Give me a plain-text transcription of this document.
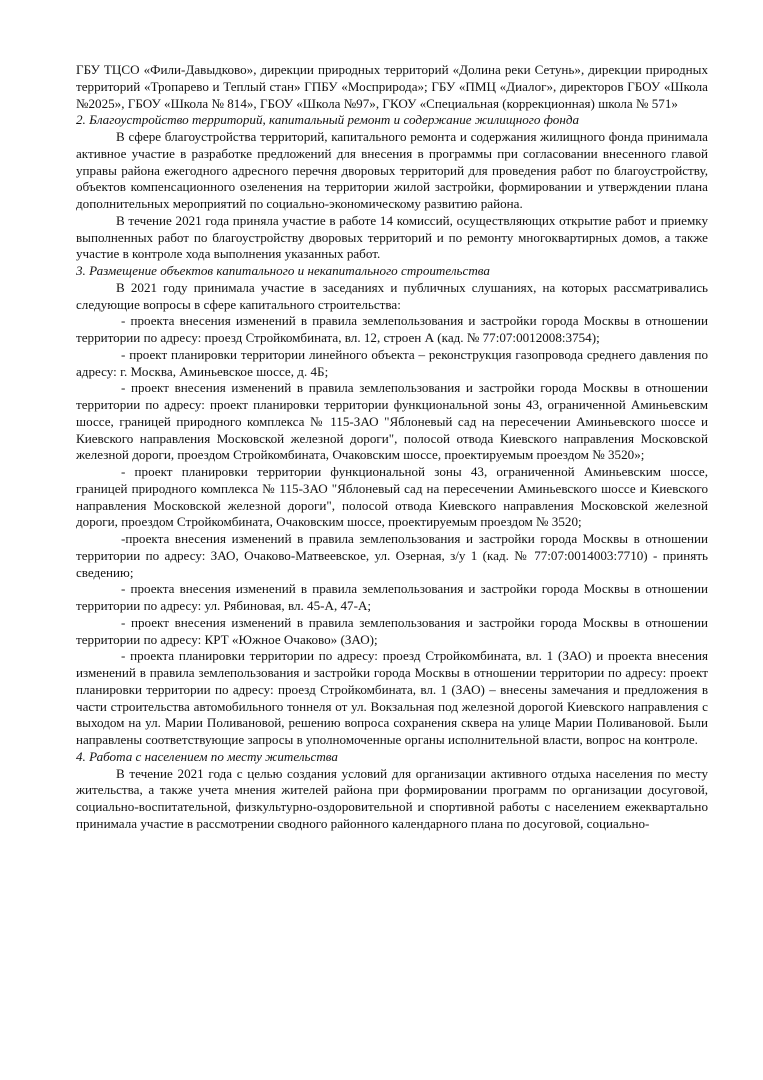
ГБУ ТЦСО «Фили-Давыдково», дирекции природных территорий «Долина реки Сетунь», дирекции природных территорий «Тропарево и Теплый стан» ГПБУ «Мосприрода»; ГБУ «ПМЦ «Диалог», директоров ГБОУ «Школа №2025», ГБОУ «Школа № 814», ГБОУ «Школа №97», ГКОУ «Специальная (коррекционная) школа № 571»

2. Благоустройство территорий, капитальный ремонт и содержание жилищного фонда

В сфере благоустройства территорий, капитального ремонта и содержания жилищного фонда принимала активное участие в разработке предложений для внесения в программы при согласовании внесенного главой управы района ежегодного адресного перечня дворовых территорий для проведения работ по благоустройству, объектов компенсационного озеленения на территории жилой застройки, формировании и утверждении плана дополнительных мероприятий по социально-экономическому развитию района.

В течение 2021 года приняла участие в работе 14 комиссий, осуществляющих открытие работ и приемку выполненных работ по благоустройству дворовых территорий и по ремонту многоквартирных домов, а также участие в контроле хода выполнения указанных работ.

3. Размещение объектов капитального и некапитального строительства

В 2021 году принимала участие в заседаниях и публичных слушаниях, на которых рассматривались следующие вопросы в сфере капитального строительства:

- проекта внесения изменений в правила землепользования и застройки города Москвы в отношении территории по адресу: проезд Стройкомбината, вл. 12, строен А (кад. № 77:07:0012008:3754);

- проект планировки территории линейного объекта – реконструкция газопровода среднего давления по адресу: г. Москва, Аминьевское шоссе, д. 4Б;

- проект внесения изменений в правила землепользования и застройки города Москвы в отношении территории по адресу: проект планировки территории функциональной зоны 43, ограниченной Аминьевским шоссе, границей природного комплекса № 115-ЗАО "Яблоневый сад на пересечении Аминьевского шоссе и Киевского направления Московской железной дороги", полосой отвода Киевского направления Московской железной дороги, проездом Стройкомбината, Очаковским шоссе, проектируемым проездом № 3520»;

- проект планировки территории функциональной зоны 43, ограниченной Аминьевским шоссе, границей природного комплекса № 115-ЗАО "Яблоневый сад на пересечении Аминьевского шоссе и Киевского направления Московской железной дороги", полосой отвода Киевского направления Московской железной дороги, проездом Стройкомбината, Очаковским шоссе, проектируемым проездом № 3520;

-проекта внесения изменений в правила землепользования и застройки города Москвы в отношении территории по адресу: ЗАО, Очаково-Матвеевское, ул. Озерная, з/у 1 (кад. № 77:07:0014003:7710) - принять сведению;

- проекта внесения изменений в правила землепользования и застройки города Москвы в отношении территории по адресу: ул. Рябиновая, вл. 45-А, 47-А;

- проект внесения изменений в правила землепользования и застройки города Москвы в отношении территории по адресу: КРТ «Южное Очаково» (ЗАО);

- проекта планировки территории по адресу: проезд Стройкомбината, вл. 1 (ЗАО) и проекта внесения изменений в правила землепользования и застройки города Москвы в отношении территории по адресу: проект планировки территории по адресу: проезд Стройкомбината, вл. 1 (ЗАО) – внесены замечания и предложения в части строительства автомобильного тоннеля от ул. Вокзальная под железной дорогой Киевского направления с выходом на ул. Марии Поливановой, решению вопроса сохранения сквера на улице Марии Поливановой. Были направлены соответствующие запросы в уполномоченные органы исполнительной власти, вопрос на контроле.

4. Работа с населением по месту жительства

В течение 2021 года с целью создания условий для организации активного отдыха населения по месту жительства, а также учета мнения жителей района при формировании программ по организации досуговой, социально-воспитательной, физкультурно-оздоровительной и спортивной работы с населением ежеквартально принимала участие в рассмотрении сводного районного календарного плана по досуговой, социально-
